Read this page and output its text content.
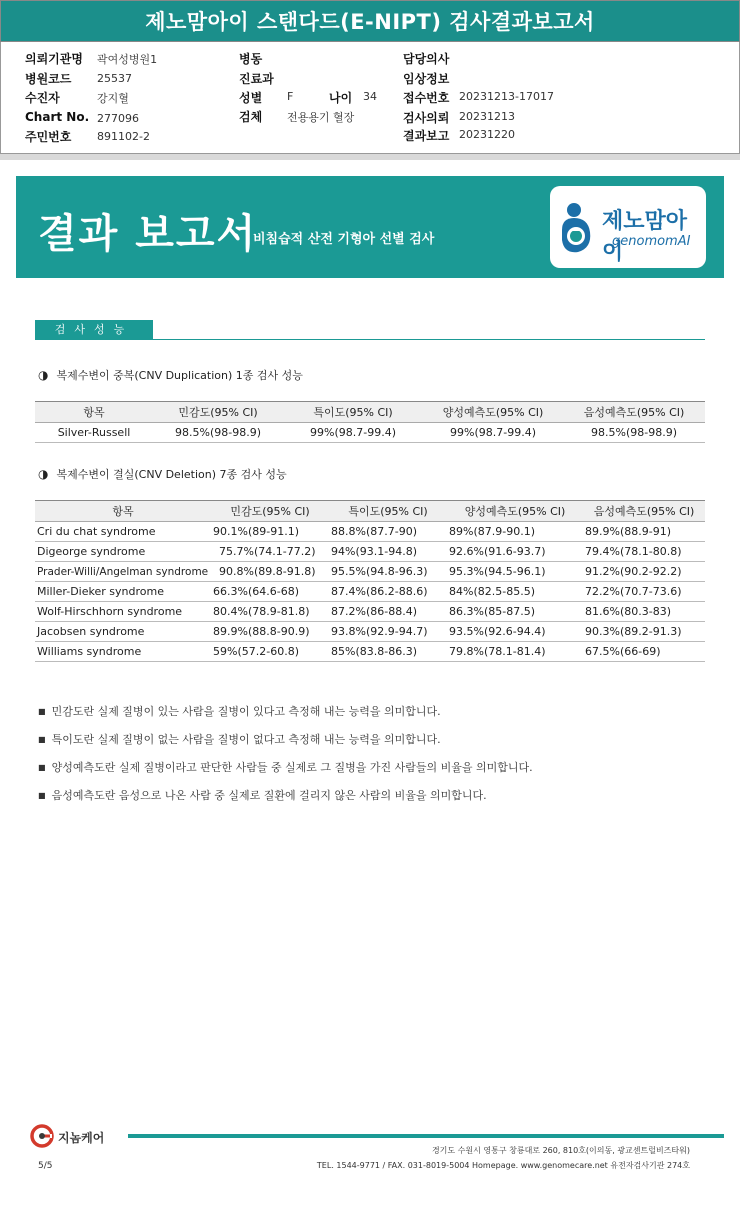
제노맘아이 스탠다드(E-NIPT) 검사결과보고서
의뢰기관명 곽여성병원1
병원코드 25537
수진자	강지혈
Chart No. 277096
주민번호 891102-2
병동
진료과
성별 F	나이 34
검체 전용용기 혈장
담당의사
임상정보
접수번호 20231213-17017
검사의뢰 20231213
결과보고 20231220
결과 보고서
비침습적 산전 기형아 선별 검사
제노맘아이
genomomAI
검사성능
◑ 복제수변이 중복(CNV Duplication) 1종 검사 성능
항목	민감도(95% CI)	특이도(95% CI)	양성예측도(95% CI)	음성예측도(95% CI)
Silver-Russell	98.5%(98-98.9)	99%(98.7-99.4)	99%(98.7-99.4)	98.5%(98-98.9)
◑ 복제수변이 결실(CNV Deletion) 7종 검사 성능
항목	민감도(95% CI)	특이도(95% CI)	양성예측도(95% CI)	음성예측도(95% CI)
Cri du chat syndrome	90.1%(89-91.1)	88.8%(87.7-90)	89%(87.9-90.1)	89.9%(88.9-91)
Digeorge syndrome	75.7%(74.1-77.2)	94%(93.1-94.8)	92.6%(91.6-93.7)	79.4%(78.1-80.8)
Prader-Willi/Angelman syndrome	90.8%(89.8-91.8)	95.5%(94.8-96.3)	95.3%(94.5-96.1)	91.2%(90.2-92.2)
Miller-Dieker syndrome	66.3%(64.6-68)	87.4%(86.2-88.6)	84%(82.5-85.5)	72.2%(70.7-73.6)
Wolf-Hirschhorn syndrome	80.4%(78.9-81.8)	87.2%(86-88.4)	86.3%(85-87.5)	81.6%(80.3-83)
Jacobsen syndrome	89.9%(88.8-90.9)	93.8%(92.9-94.7)	93.5%(92.6-94.4)	90.3%(89.2-91.3)
Williams syndrome	59%(57.2-60.8)	85%(83.8-86.3)	79.8%(78.1-81.4)	67.5%(66-69)
■ 민감도란 실제 질병이 있는 사람을 질병이 있다고 측정해 내는 능력을 의미합니다.
■ 특이도란 실제 질병이 없는 사람을 질병이 없다고 측정해 내는 능력을 의미합니다.
■ 양성예측도란 실제 질병이라고 판단한 사람들 중 실제로 그 질병을 가진 사람들의 비율을 의미합니다.
■ 음성예측도란 음성으로 나온 사람 중 실제로 질환에 걸리지 않은 사람의 비율을 의미합니다.
지놈케어
경기도 수원시 영통구 창룡대로 260, 810호(이의동, 광교센트럴비즈타워)
TEL. 1544-9771 / FAX. 031-8019-5004 Homepage. www.genomecare.net 유전자검사기관 274호
5/5
